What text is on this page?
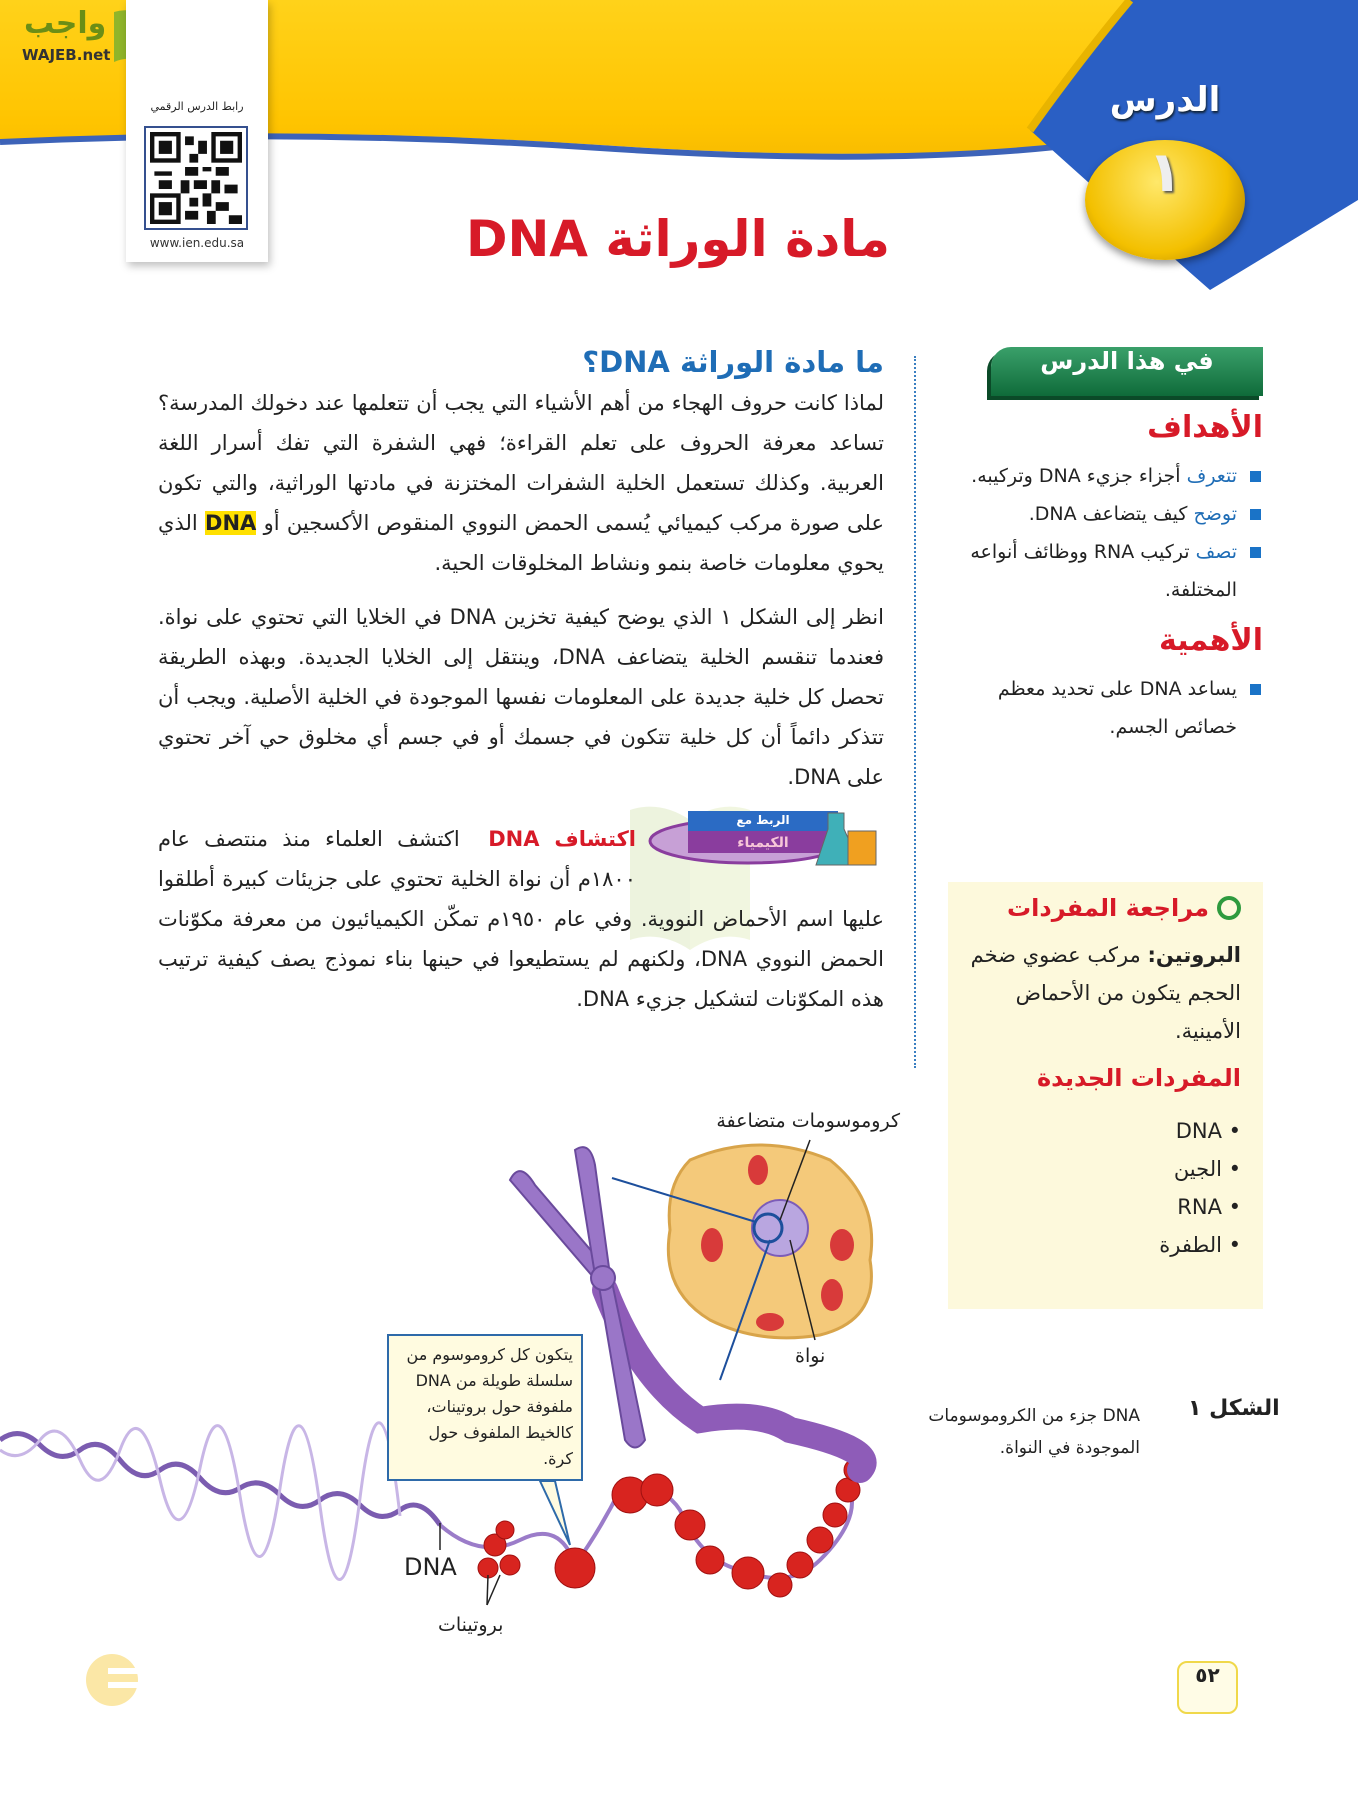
الدرس
١
واجب
WAJEB.net
رابط الدرس الرقمي
www.ien.edu.sa	مادة الوراثة DNA
ما مادة الوراثة DNA؟

لماذا كانت حروف الهجاء من أهم الأشياء التي يجب أن تتعلمها عند دخولك المدرسة؟ تساعد معرفة الحروف على تعلم القراءة؛ فهي الشفرة التي تفك أسرار اللغة العربية. وكذلك تستعمل الخلية الشفرات المختزنة في مادتها الوراثية، والتي تكون على صورة مركب كيميائي يُسمى الحمض النووي المنقوص الأكسجين أو DNA الذي يحوي معلومات خاصة بنمو ونشاط المخلوقات الحية.

انظر إلى الشكل ١ الذي يوضح كيفية تخزين DNA في الخلايا التي تحتوي على نواة. فعندما تنقسم الخلية يتضاعف DNA، وينتقل إلى الخلايا الجديدة. وبهذه الطريقة تحصل كل خلية جديدة على المعلومات نفسها الموجودة في الخلية الأصلية. ويجب أن تتذكر دائماً أن كل خلية تتكون في جسمك أو في جسم أي مخلوق حي آخر تحتوي على DNA.

الربط مع
الكيمياء

اكتشاف DNA  اكتشف العلماء منذ منتصف عام ١٨٠٠م أن نواة الخلية تحتوي على جزيئات كبيرة أطلقوا عليها اسم الأحماض النووية. وفي عام ١٩٥٠م تمكّن الكيميائيون من معرفة مكوّنات الحمض النووي DNA، ولكنهم لم يستطيعوا في حينها بناء نموذج يصف كيفية ترتيب هذه المكوّنات لتشكيل جزيء DNA.

في هذا الدرس
الأهداف
تتعرف أجزاء جزيء DNA وتركيبه.
توضح كيف يتضاعف DNA.
تصف تركيب RNA ووظائف أنواعه المختلفة.
الأهمية
يساعد DNA على تحديد معظم خصائص الجسم.
مراجعة المفردات

البروتين: مركب عضوي ضخم الحجم يتكون من الأحماض الأمينية.

المفردات الجديدة
• DNA
• الجين
• RNA
• الطفرة
كروموسومات متضاعفة
نواة
DNA
بروتينات
يتكون كل كروموسوم من سلسلة طويلة من DNA ملفوفة حول بروتينات، كالخيط الملفوف حول كرة.
الشكل ١
DNA جزء من الكروموسومات الموجودة في النواة.
٥٢
